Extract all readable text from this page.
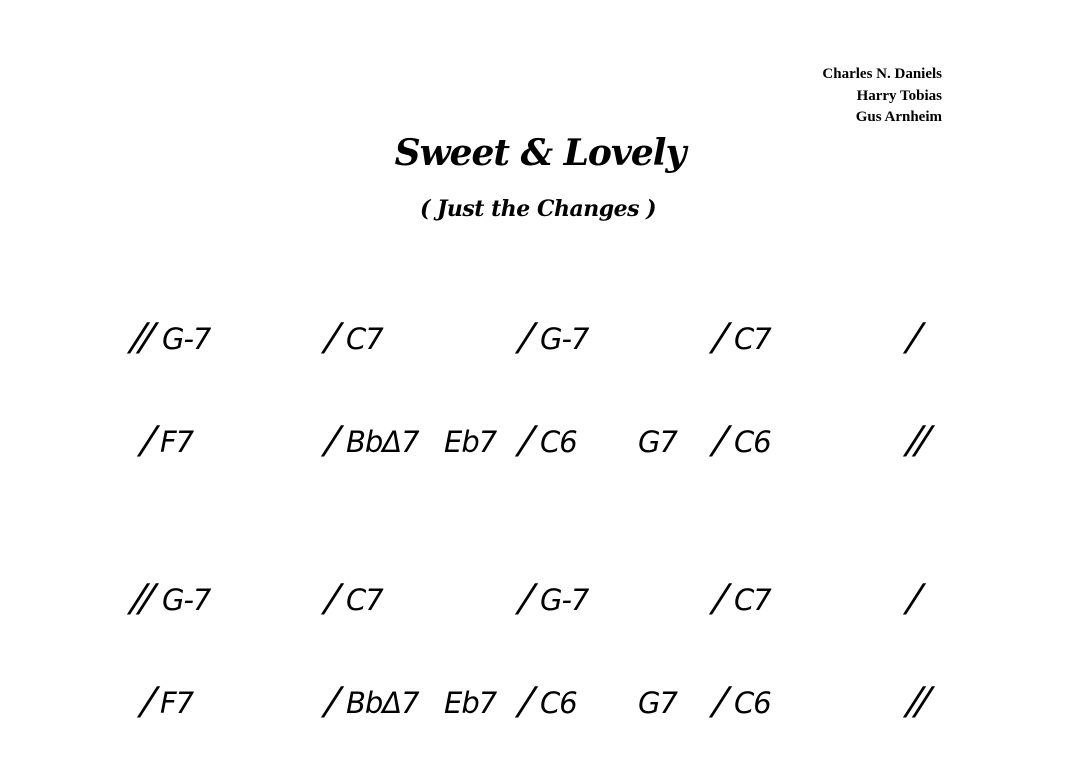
Charles N. Daniels
Harry Tobias
Gus Arnheim
Sweet & Lovely
( Just the Changes )
// G-7	/ C7	/ G-7	/ C7	/
/ F7	/ BbΔ7 Eb7 / C6 G7 / C6	//
// G-7	/ C7	/ G-7	/ C7	/
/ F7	/ BbΔ7 Eb7 / C6 G7 / C6	//
